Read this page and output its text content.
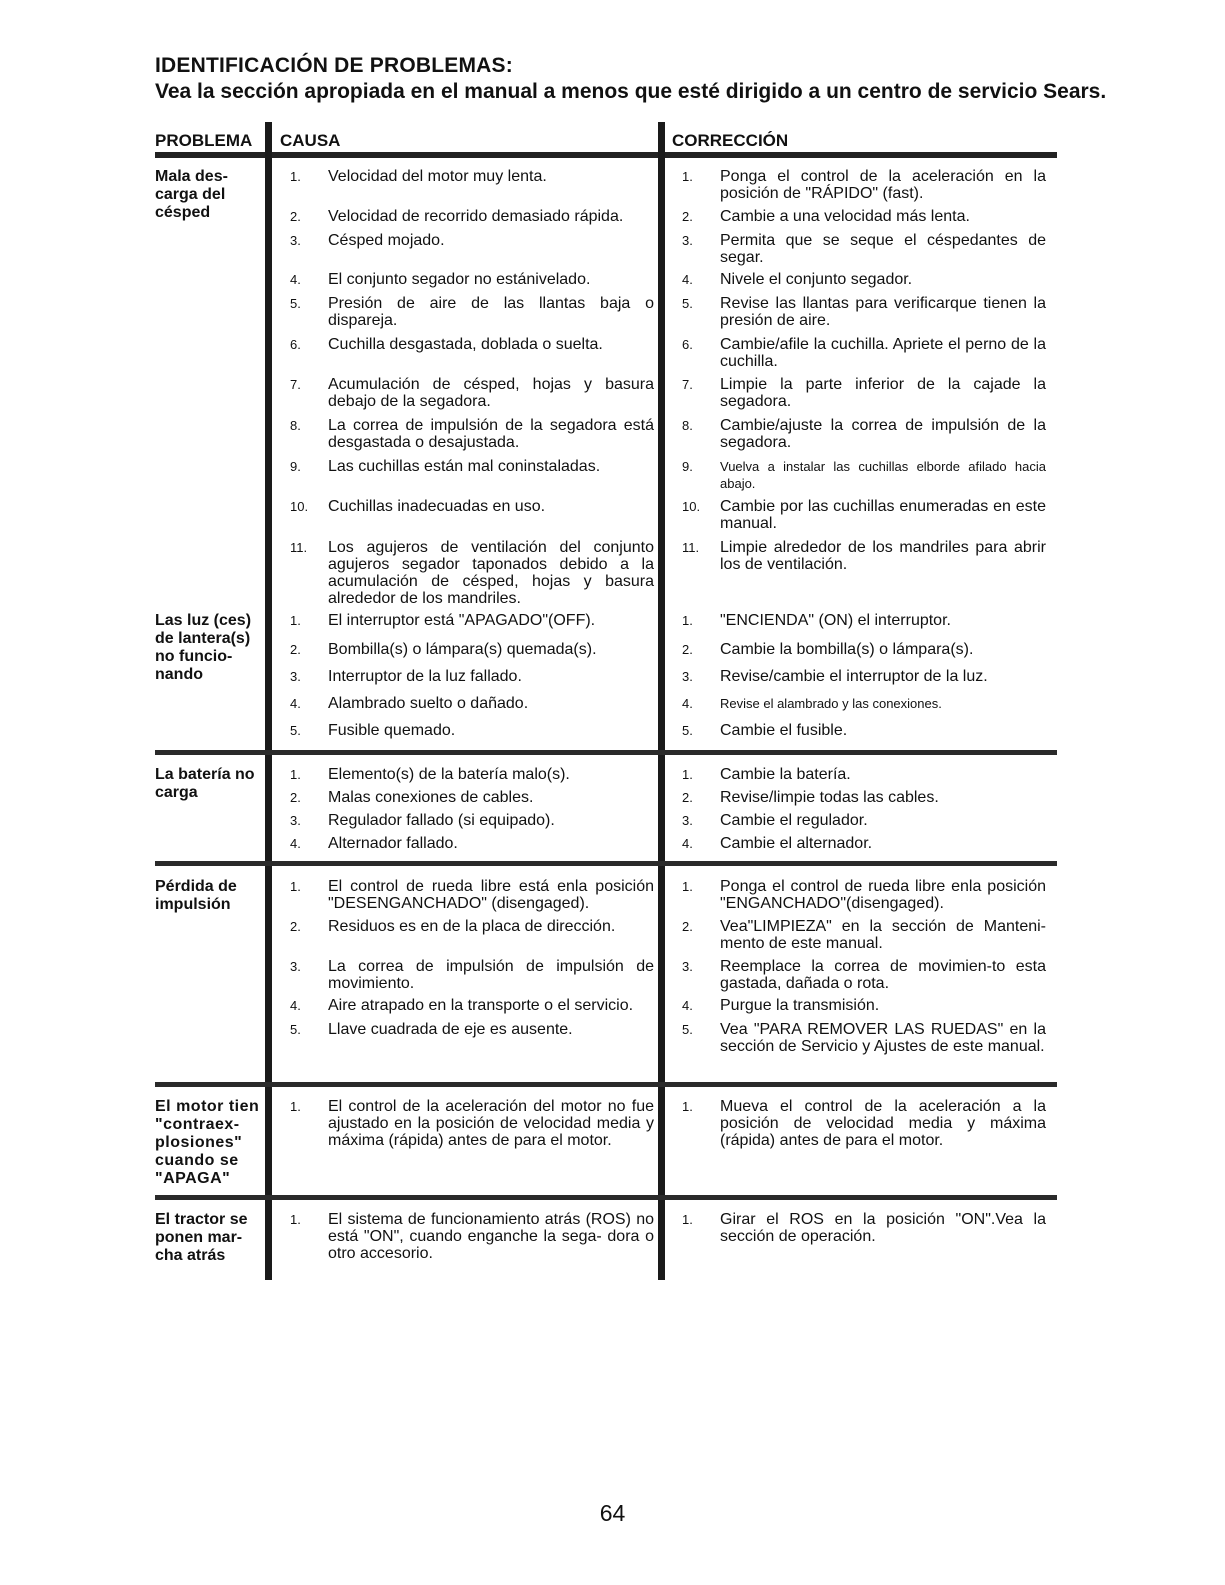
IDENTIFICACIÓN DE PROBLEMAS:
Vea la sección apropiada en el manual a menos que esté dirigido a un centro de servicio Sears.
PROBLEMA CAUSA	CORRECCIÓN
Mala des- carga del césped
1. Velocidad del motor muy lenta.
2. Velocidad de recorrido demasiado rápida.
3. Césped mojado.
4. El conjunto segador no estánivelado.
5. Presión de aire de las llantas baja o dispareja.
6. Cuchilla desgastada, doblada o suelta.
7. Acumulación de césped, hojas y basura debajo de la segadora.
8. La correa de impulsión de la segadora está desgastada o desajustada.
9. Las cuchillas están mal coninstaladas.
10. Cuchillas inadecuadas en uso.
11. Los agujeros de ventilación del conjunto agujeros segador taponados debido a la acumulación de césped, hojas y basura alrededor de los mandriles.
1. Ponga el control de la aceleración en la posición de "RÁPIDO" (fast).
2. Cambie a una velocidad más lenta.
3. Permita que se seque el céspedantes de segar.
4. Nivele el conjunto segador.
5. Revise las llantas para verificarque tienen la presión de aire.
6. Cambie/afile la cuchilla. Apriete el perno de la cuchilla.
7. Limpie la parte inferior de la cajade la segadora.
8. Cambie/ajuste la correa de impulsión de la segadora.
9. Vuelva a instalar las cuchillas elborde afilado hacia abajo.
10. Cambie por las cuchillas enumeradas en este manual.
11. Limpie alrededor de los mandriles para abrir los de ventilación.
Las luz (ces) de lantera(s) no funcio- nando
1. El interruptor está "APAGADO"(OFF).
2. Bombilla(s) o lámpara(s) quemada(s).
3. Interruptor de la luz fallado.
4. Alambrado suelto o dañado.
5. Fusible quemado.
1. "ENCIENDA" (ON) el interruptor.
2. Cambie la bombilla(s) o lámpara(s).
3. Revise/cambie el interruptor de la luz.
4. Revise el alambrado y las conexiones.
5. Cambie el fusible.
La batería no carga
1. Elemento(s) de la batería malo(s).
2. Malas conexiones de cables.
3. Regulador fallado (si equipado).
4. Alternador fallado.
1. Cambie la batería.
2. Revise/limpie todas las cables.
3. Cambie el regulador.
4. Cambie el alternador.
Pérdida de impulsión
1. El control de rueda libre está enla posición "DESENGANCHADO" (disengaged).
2. Residuos es en de la placa de dirección.
3. La correa de impulsión de impulsión de movimiento.
4. Aire atrapado en la transporte o el servicio.
5. Llave cuadrada de eje es ausente.
1. Ponga el control de rueda libre enla posición "ENGANCHADO"(disengaged).
2. Vea"LIMPIEZA" en la sección de Manteni- mento de este manual.
3. Reemplace la correa de movimien-to esta gastada, dañada o rota.
4. Purgue la transmisión.
5. Vea "PARA REMOVER LAS RUEDAS" en la sección de Servicio y Ajustes de este manual.
El motor tien "contraex- plosiones" cuando se "APAGA"
1. El control de la aceleración del motor no fue ajustado en la posición de velocidad media y máxima (rápida) antes de para el motor.
1. Mueva el control de la aceleración a la posición de velocidad media y máxima (rápida) antes de para el motor.
El tractor se ponen mar- cha atrás
1. El sistema de funcionamiento atrás (ROS) no está "ON", cuando enganche la sega- dora o otro accesorio.
1. Girar el ROS en la posición "ON".Vea la sección de operación.
64
